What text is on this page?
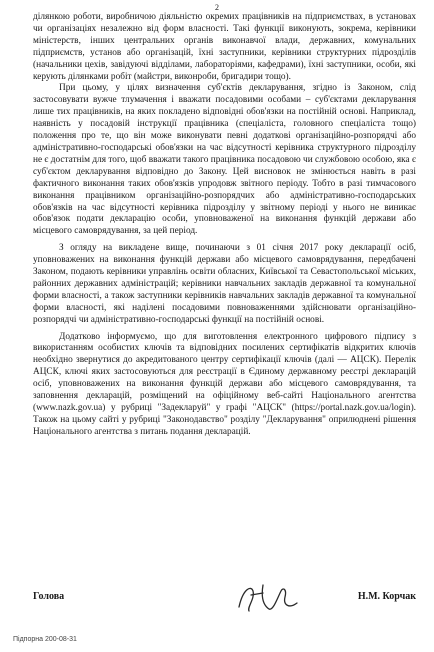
2

ділянкою роботи, виробничою діяльністю окремих працівників на підприємствах, в установах чи організаціях незалежно від форм власності. Такі функції виконують, зокрема, керівники міністерств, інших центральних органів виконавчої влади, державних, комунальних підприємств, установ або організацій, їхні заступники, керівники структурних підрозділів (начальники цехів, завідуючі відділами, лабораторіями, кафедрами), їхні заступники, особи, які керують ділянками робіт (майстри, виконроби, бригадири тощо).

При цьому, у цілях визначення суб'єктів декларування, згідно із Законом, слід застосовувати вужче тлумачення і вважати посадовими особами – суб'єктами декларування лише тих працівників, на яких покладено відповідні обов'язки на постійній основі. Наприклад, наявність у посадовій інструкції працівника (спеціаліста, головного спеціаліста тощо) положення про те, що він може виконувати певні додаткові організаційно-розпорядчі або адміністративно-господарські обов'язки на час відсутності керівника структурного підрозділу не є достатнім для того, щоб вважати такого працівника посадовою чи службовою особою, яка є суб'єктом декларування відповідно до Закону. Цей висновок не змінюється навіть в разі фактичного виконання таких обов'язків упродовж звітного періоду. Тобто в разі тимчасового виконання працівником організаційно-розпорядчих або адміністративно-господарських обов'язків на час відсутності керівника підрозділу у звітному періоді у нього не виникає обов'язок подати декларацію особи, уповноваженої на виконання функцій держави або місцевого самоврядування, за цей період.

З огляду на викладене вище, починаючи з 01 січня 2017 року декларації осіб, уповноважених на виконання функцій держави або місцевого самоврядування, передбачені Законом, подають керівники управлінь освіти обласних, Київської та Севастопольської міських, районних державних адміністрацій; керівники навчальних закладів державної та комунальної форми власності, а також заступники керівників навчальних закладів державної та комунальної форми власності, які наділені посадовими повноваженнями здійснювати організаційно-розпорядчі чи адміністративно-господарські функції на постійній основі.

Додатково інформуємо, що для виготовлення електронного цифрового підпису з використанням особистих ключів та відповідних посилених сертифікатів відкритих ключів необхідно звернутися до акредитованого центру сертифікації ключів (далі — АЦСК). Перелік АЦСК, ключі яких застосовуються для реєстрації в Єдиному державному реєстрі декларацій осіб, уповноважених на виконання функцій держави або місцевого самоврядування, та заповнення декларацій, розміщений на офіційному веб-сайті Національного агентства (www.nazk.gov.ua) у рубриці "Задекларуй" у графі "АЦСК" (https://portal.nazk.gov.ua/login). Також на цьому сайті у рубриці "Законодавство" розділу "Декларування" оприлюднені рішення Національного агентства з питань подання декларацій.

Голова	Н.М. Корчак
Підпорна 200-08-31
